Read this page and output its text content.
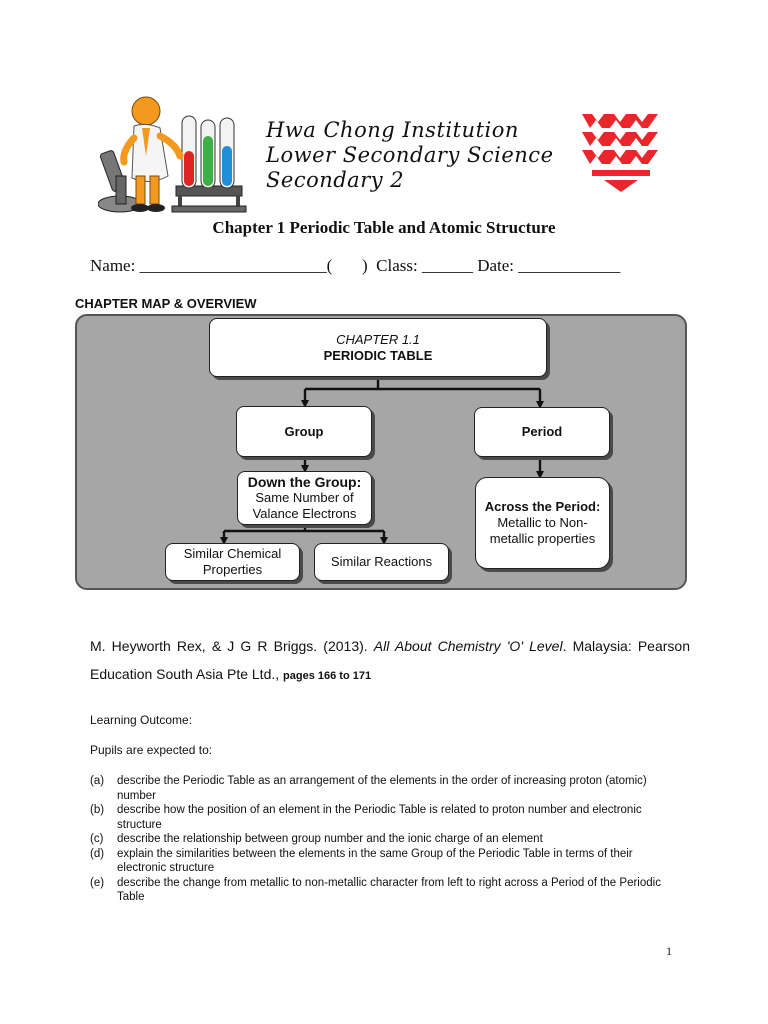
Hwa Chong Institution
Lower Secondary Science
Secondary 2
Chapter 1 Periodic Table and Atomic Structure
Name: ______________________(       )  Class: ______ Date: ____________
CHAPTER MAP & OVERVIEW
CHAPTER 1.1
PERIODIC TABLE
Group	Period
Down the Group:
Same Number of
Valance Electrons	Across the Period:
Metallic to Non-
metallic properties
Similar Chemical
Properties
Similar Reactions
M. Heyworth Rex, & J G R Briggs. (2013). All About Chemistry 'O' Level. Malaysia: Pearson Education South Asia Pte Ltd., pages 166 to 171
Learning Outcome:
Pupils are expected to:
(a)	describe the Periodic Table as an arrangement of the elements in the order of increasing proton (atomic) number
(b)	describe how the position of an element in the Periodic Table is related to proton number and electronic structure
(c)	describe the relationship between group number and the ionic charge of an element
(d)	explain the similarities between the elements in the same Group of the Periodic Table in terms of their electronic structure
(e)	describe the change from metallic to non-metallic character from left to right across a Period of the Periodic Table
1
